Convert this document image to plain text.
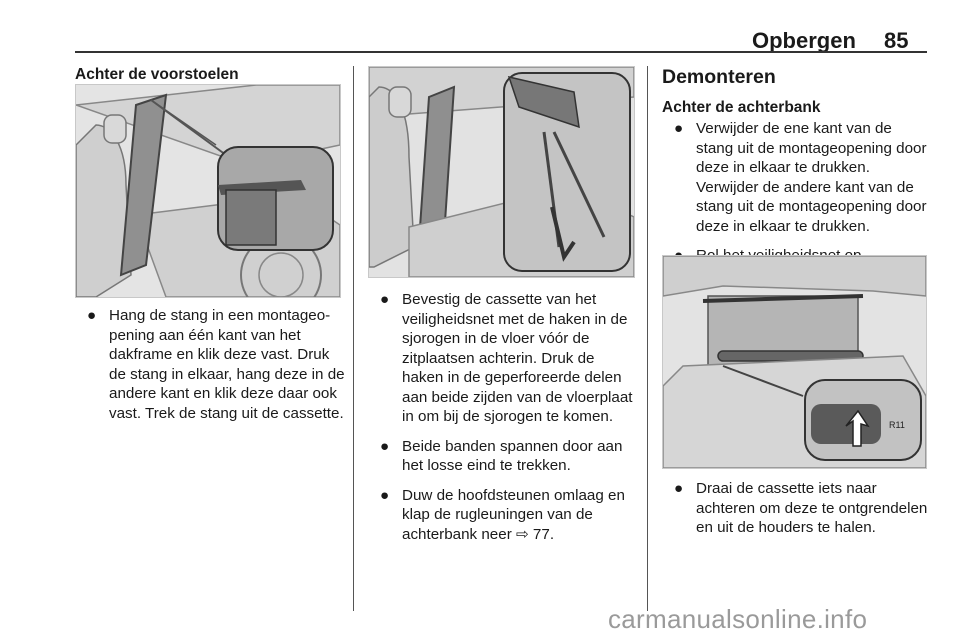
Opbergen 85
Achter de voorstoelen
● Hang de stang in een montageopening aan één kant van het dakframe en klik deze vast. Druk de stang in elkaar, hang deze in de andere kant en klik deze daar ook vast. Trek de stang uit de cassette.
● Bevestig de cassette van het veiligheidsnet met de haken in de sjorogen in de vloer vóór de zitplaatsen achterin. Druk de haken in de geperforeerde delen aan beide zijden van de vloerplaat in om bij de sjorogen te komen.
● Beide banden spannen door aan het losse eind te trekken.
● Duw de hoofdsteunen omlaag en klap de rugleuningen van de achterbank neer ⇨ 77.
Demonteren
Achter de achterbank
● Verwijder de ene kant van de stang uit de montageopening door deze in elkaar te drukken. Verwijder de andere kant van de stang uit de montageopening door deze in elkaar te drukken.
R11
● Draai de cassette iets naar achteren om deze te ontgrendelen en uit de houders te halen.
carmanualsonline.info
